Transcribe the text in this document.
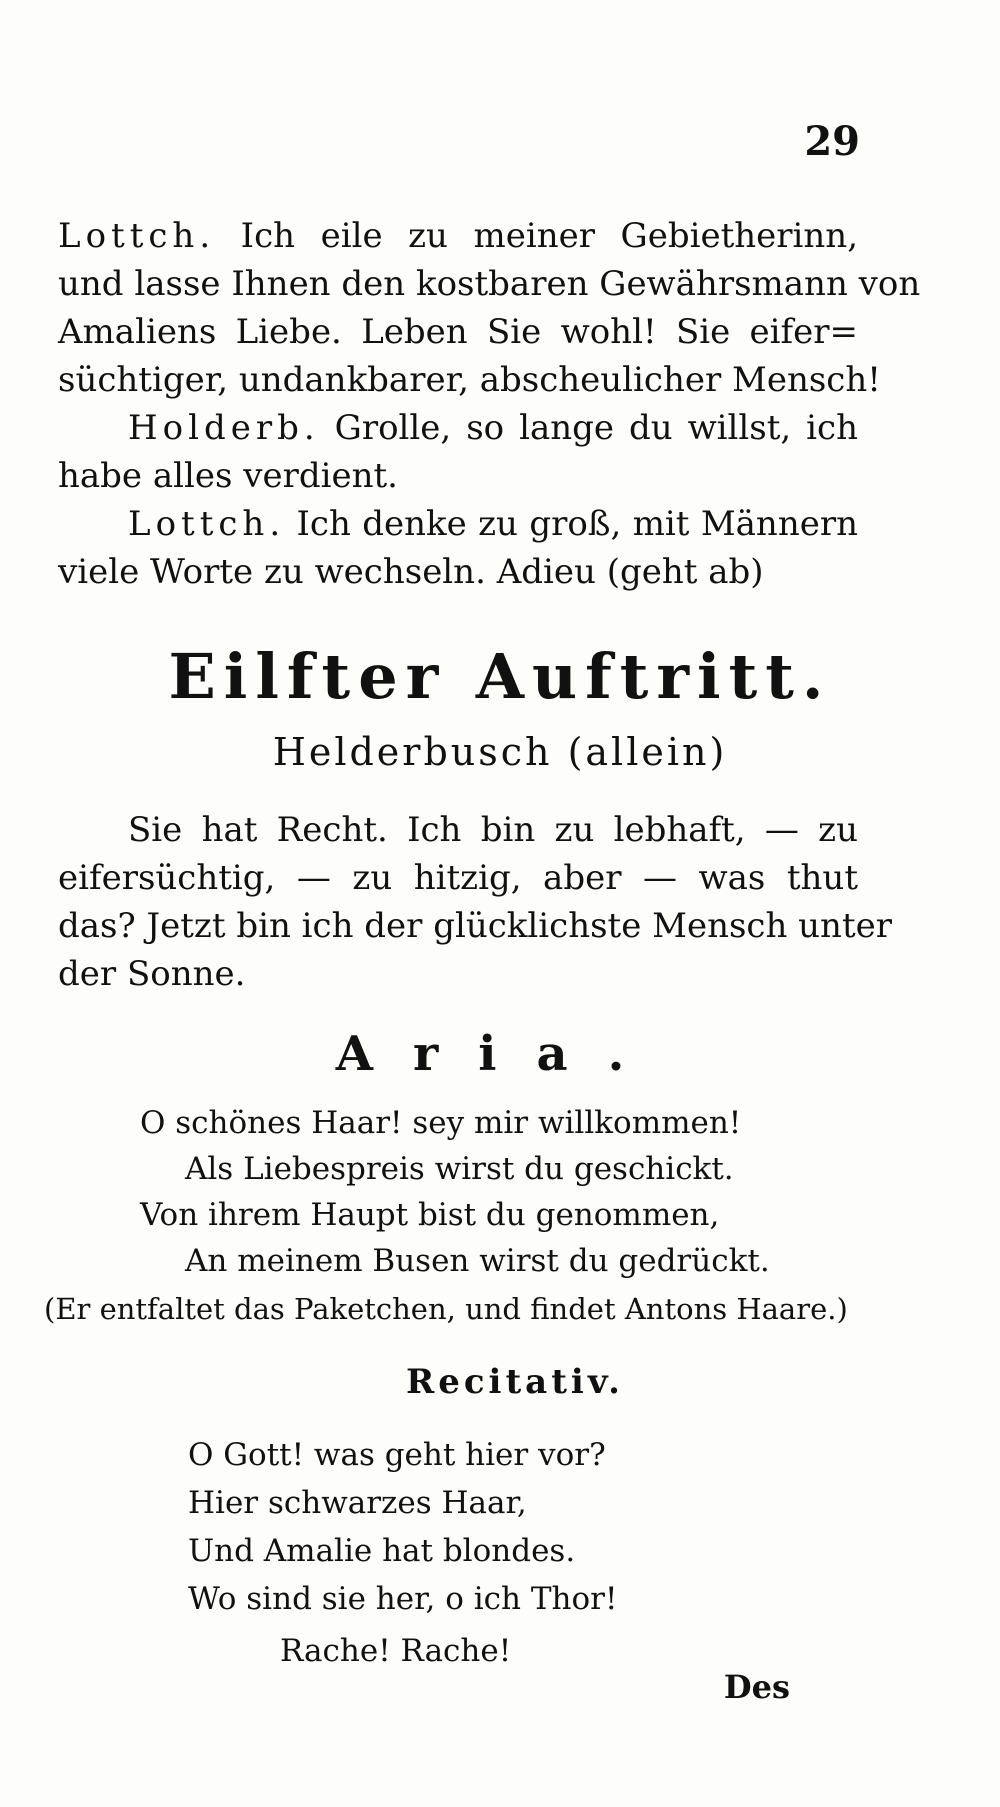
29
Lottch. Ich eile zu meiner Gebietherinn,
und lasse Ihnen den kostbaren Gewährsmann von
Amaliens Liebe. Leben Sie wohl! Sie eifer=
süchtiger, undankbarer, abscheulicher Mensch!
Holderb. Grolle, so lange du willst, ich
habe alles verdient.
Lottch. Ich denke zu groß, mit Männern
viele Worte zu wechseln. Adieu (geht ab)
Eilfter Auftritt.
Helderbusch (allein)
Sie hat Recht. Ich bin zu lebhaft, — zu
eifersüchtig, — zu hitzig, aber — was thut
das? Jetzt bin ich der glücklichste Mensch unter
der Sonne.
Aria.
O schönes Haar! sey mir willkommen!
Als Liebespreis wirst du geschickt.
Von ihrem Haupt bist du genommen,
An meinem Busen wirst du gedrückt.
(Er entfaltet das Paketchen, und findet Antons Haare.)
Recitativ.
O Gott! was geht hier vor?
Hier schwarzes Haar,
Und Amalie hat blondes.
Wo sind sie her, o ich Thor!
Rache! Rache!
Des
